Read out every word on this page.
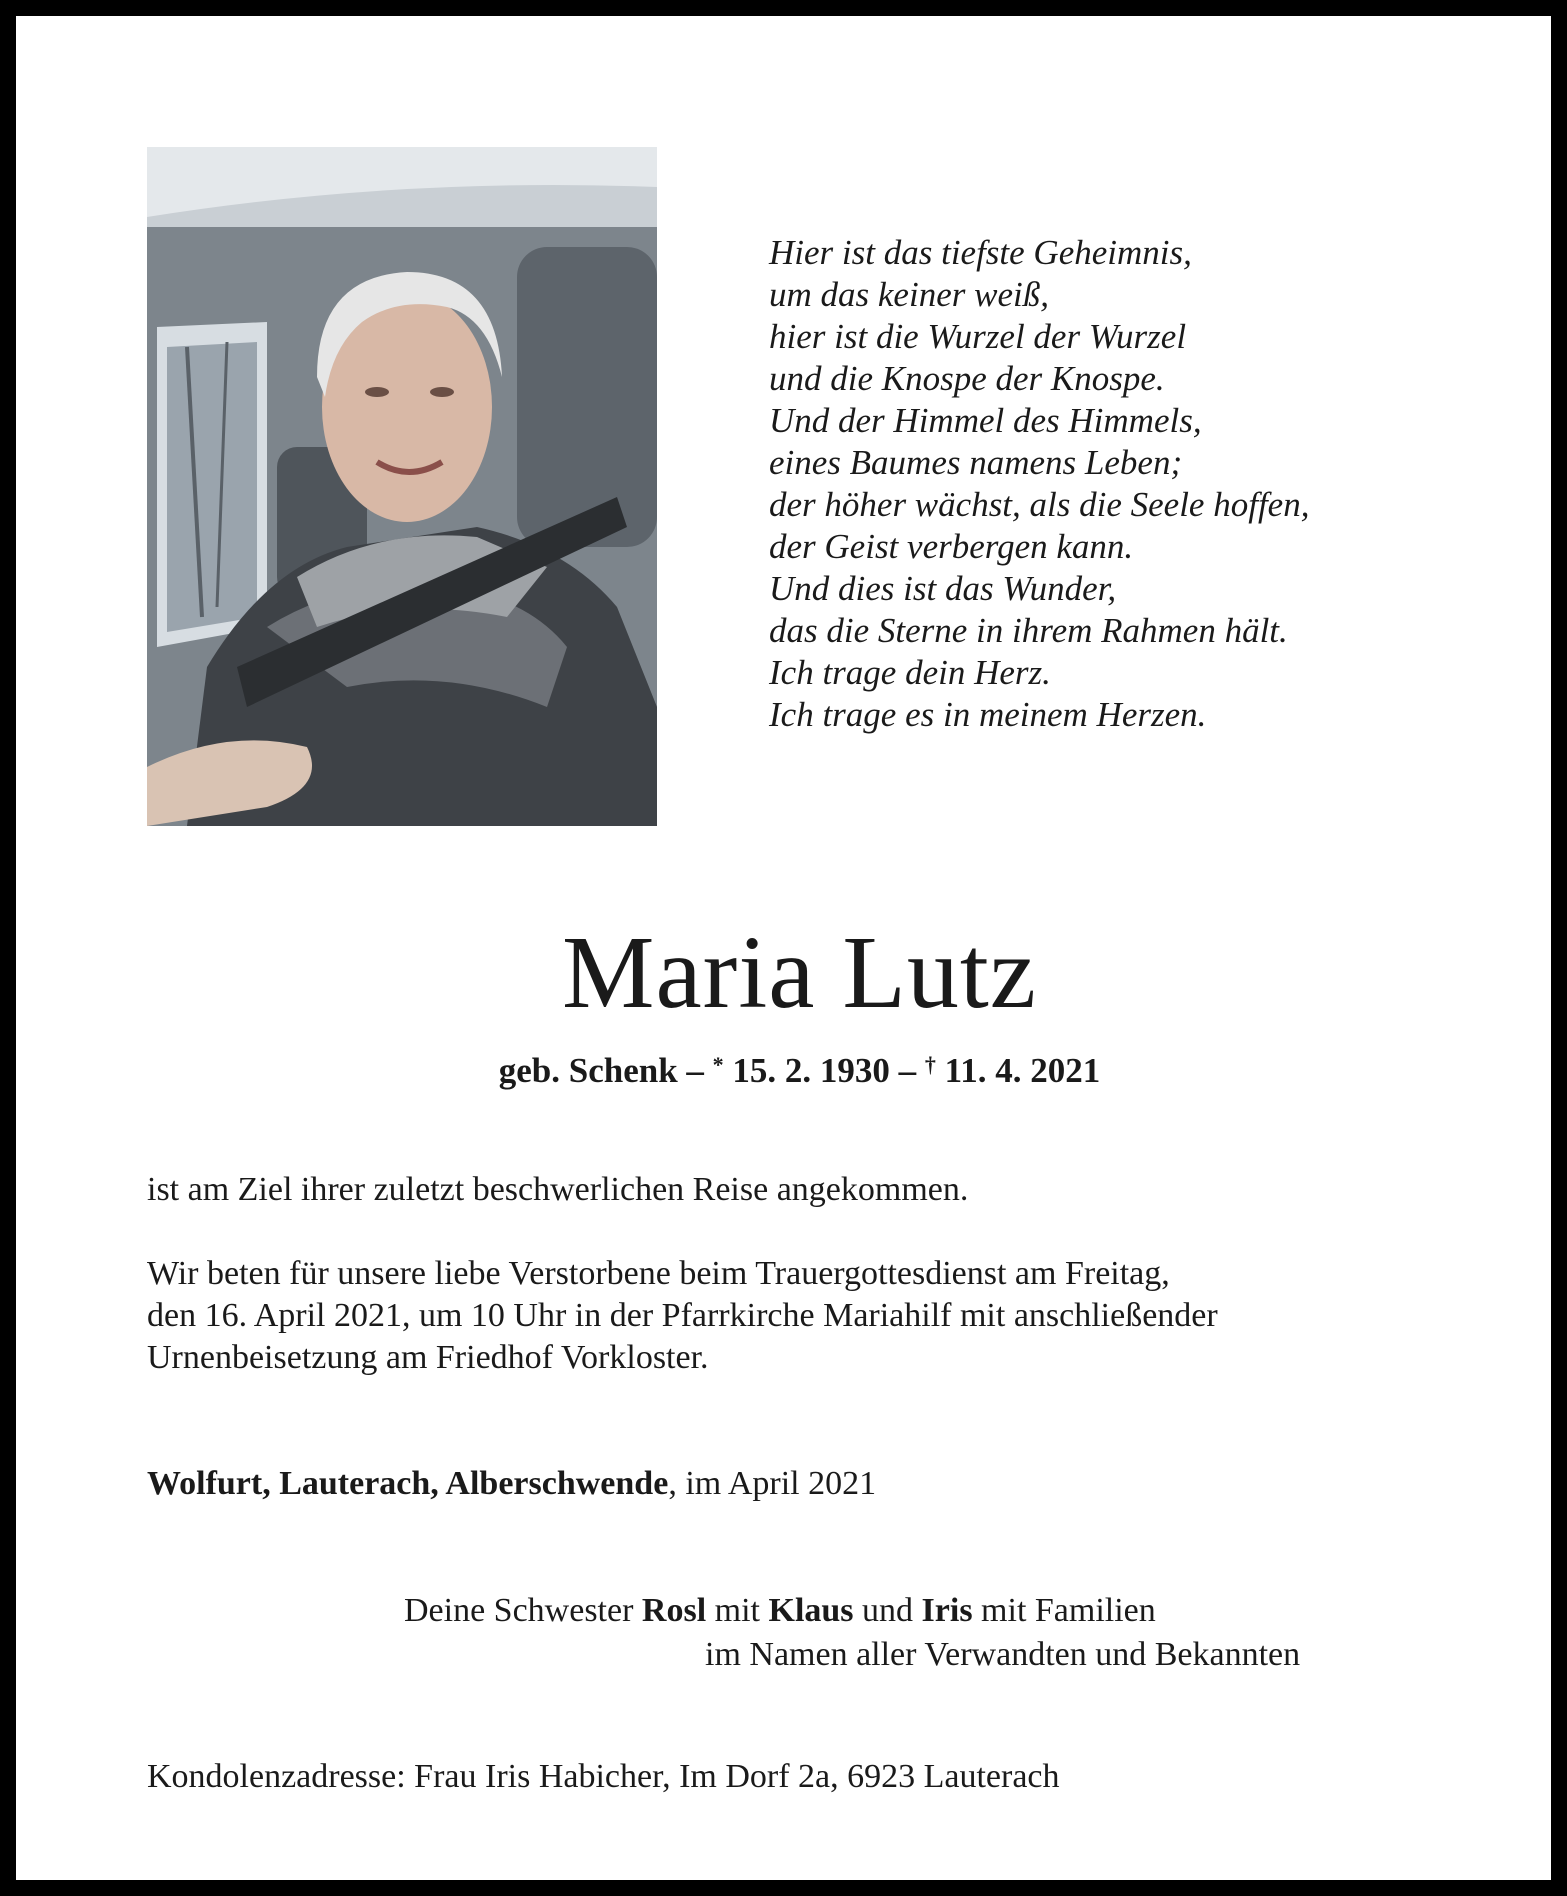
Hier ist das tiefste Geheimnis,
um das keiner weiß,
hier ist die Wurzel der Wurzel
und die Knospe der Knospe.
Und der Himmel des Himmels,
eines Baumes namens Leben;
der höher wächst, als die Seele hoffen,
der Geist verbergen kann.
Und dies ist das Wunder,
das die Sterne in ihrem Rahmen hält.
Ich trage dein Herz.
Ich trage es in meinem Herzen.
Maria Lutz
geb. Schenk – * 15. 2. 1930 – † 11. 4. 2021
ist am Ziel ihrer zuletzt beschwerlichen Reise angekommen.
Wir beten für unsere liebe Verstorbene beim Trauergottesdienst am Freitag,
den 16. April 2021, um 10 Uhr in der Pfarrkirche Mariahilf mit anschließender
Urnenbeisetzung am Friedhof Vorkloster.
Wolfurt, Lauterach, Alberschwende, im April 2021
Deine Schwester Rosl mit Klaus und Iris mit Familien
im Namen aller Verwandten und Bekannten
Kondolenzadresse: Frau Iris Habicher, Im Dorf 2a, 6923 Lauterach
